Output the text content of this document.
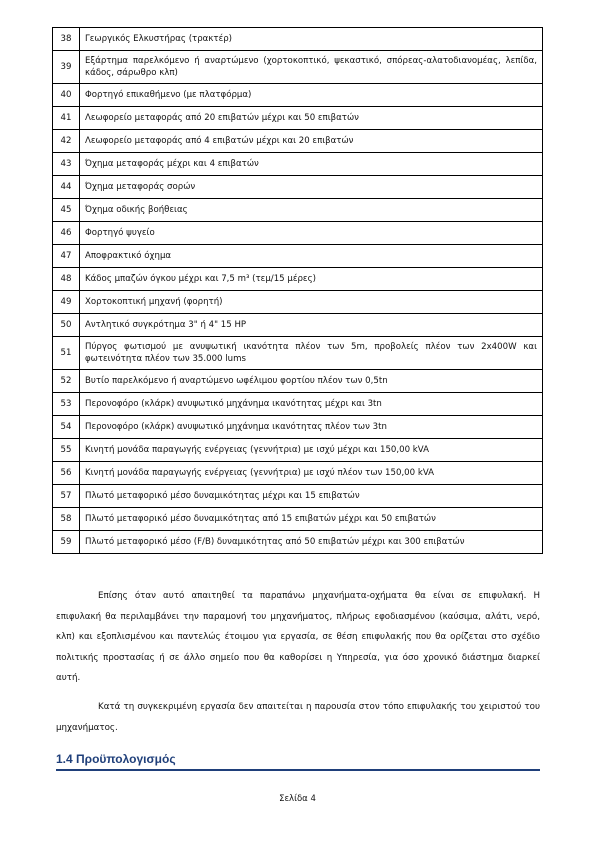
38	Γεωργικός Ελκυστήρας (τρακτέρ)
39	Εξάρτημα παρελκόμενο ή αναρτώμενο (χορτοκοπτικό, ψεκαστικό, σπόρεας-αλατοδιανομέας, λεπίδα, κάδος, σάρωθρο κλπ)
40	Φορτηγό επικαθήμενο (με πλατφόρμα)
41	Λεωφορείο μεταφοράς από 20 επιβατών μέχρι και 50 επιβατών
42	Λεωφορείο μεταφοράς από 4 επιβατών μέχρι και 20 επιβατών
43	Όχημα μεταφοράς μέχρι και 4 επιβατών
44	Όχημα μεταφοράς σορών
45	Όχημα οδικής βοήθειας
46	Φορτηγό ψυγείο
47	Αποφρακτικό όχημα
48	Κάδος μπαζών όγκου μέχρι και 7,5 m³ (τεμ/15 μέρες)
49	Χορτοκοπτική μηχανή (φορητή)
50	Αντλητικό συγκρότημα 3" ή 4" 15 HP
51	Πύργος φωτισμού με ανυψωτική ικανότητα πλέον των 5m, προβολείς πλέον των 2x400W και φωτεινότητα πλέον των 35.000 lums
52	Βυτίο παρελκόμενο ή αναρτώμενο ωφέλιμου φορτίου πλέον των 0,5tn
53	Περονοφόρο (κλάρκ) ανυψωτικό μηχάνημα ικανότητας μέχρι και 3tn
54	Περονοφόρο (κλάρκ) ανυψωτικό μηχάνημα ικανότητας πλέον των 3tn
55	Κινητή μονάδα παραγωγής ενέργειας (γεννήτρια) με ισχύ μέχρι και 150,00 kVA
56	Κινητή μονάδα παραγωγής ενέργειας (γεννήτρια) με ισχύ πλέον των 150,00 kVA
57	Πλωτό μεταφορικό μέσο δυναμικότητας μέχρι και 15 επιβατών
58	Πλωτό μεταφορικό μέσο δυναμικότητας από 15 επιβατών μέχρι και 50 επιβατών
59	Πλωτό μεταφορικό μέσο (F/B) δυναμικότητας από 50 επιβατών μέχρι και 300 επιβατών

Επίσης όταν αυτό απαιτηθεί τα παραπάνω μηχανήματα-οχήματα θα είναι σε επιφυλακή. Η επιφυλακή θα περιλαμβάνει την παραμονή του μηχανήματος, πλήρως εφοδιασμένου (καύσιμα, αλάτι, νερό, κλπ) και εξοπλισμένου και παντελώς έτοιμου για εργασία, σε θέση επιφυλακής που θα ορίζεται στο σχέδιο πολιτικής προστασίας ή σε άλλο σημείο που θα καθορίσει η Υπηρεσία, για όσο χρονικό διάστημα διαρκεί αυτή.

Κατά τη συγκεκριμένη εργασία δεν απαιτείται η παρουσία στον τόπο επιφυλακής του χειριστού του μηχανήματος.

1.4 Προϋπολογισμός
Σελίδα 4
